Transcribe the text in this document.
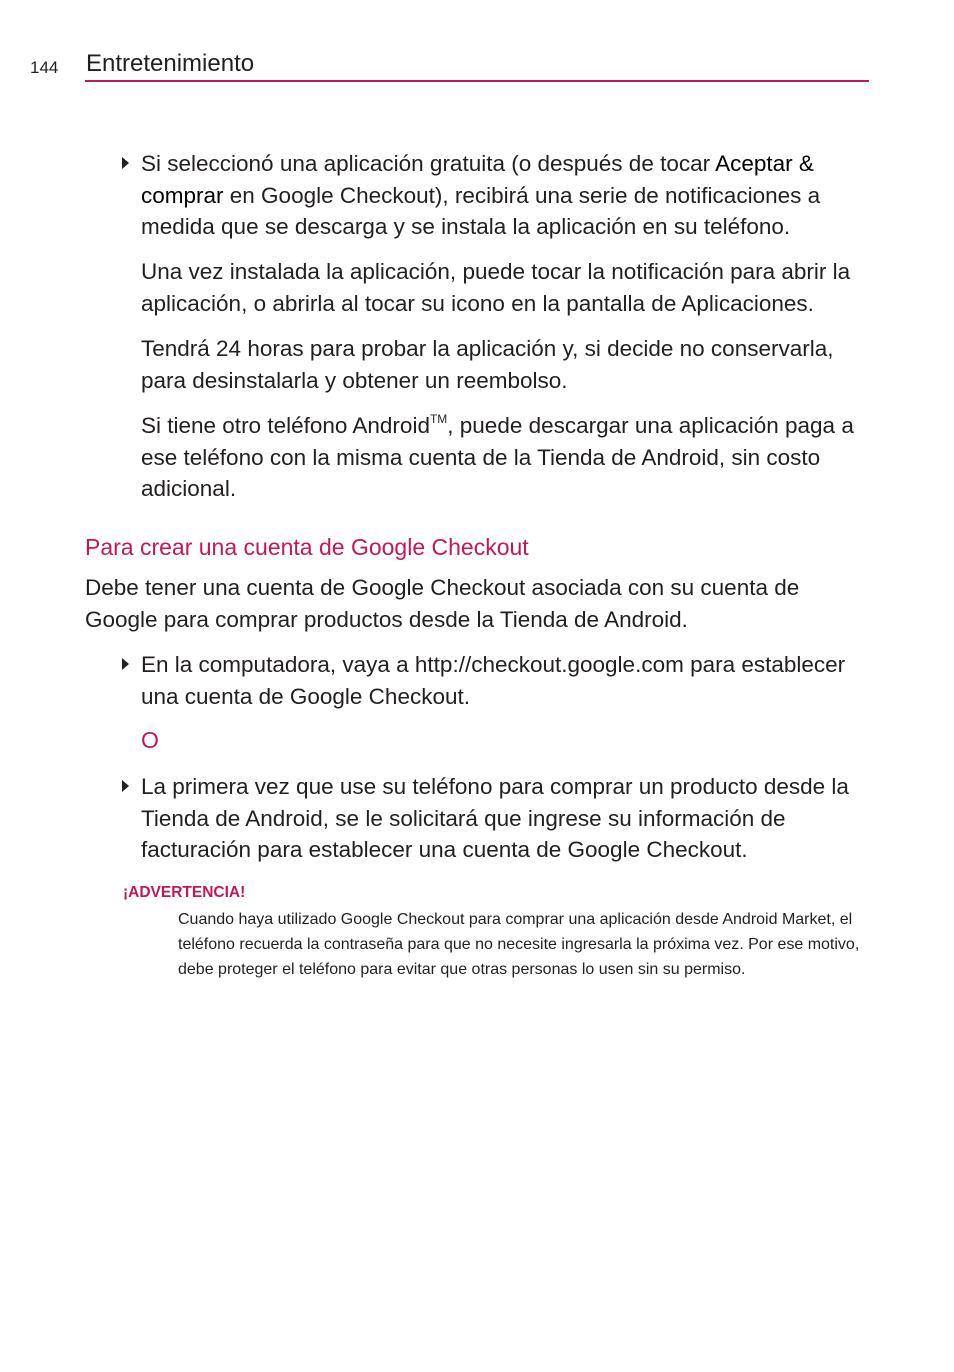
144 Entretenimiento
Si seleccionó una aplicación gratuita (o después de tocar Aceptar & comprar en Google Checkout), recibirá una serie de notificaciones a medida que se descarga y se instala la aplicación en su teléfono.
Una vez instalada la aplicación, puede tocar la notificación para abrir la aplicación, o abrirla al tocar su icono en la pantalla de Aplicaciones.
Tendrá 24 horas para probar la aplicación y, si decide no conservarla, para desinstalarla y obtener un reembolso.
Si tiene otro teléfono Android™, puede descargar una aplicación paga a ese teléfono con la misma cuenta de la Tienda de Android, sin costo adicional.
Para crear una cuenta de Google Checkout
Debe tener una cuenta de Google Checkout asociada con su cuenta de Google para comprar productos desde la Tienda de Android.
En la computadora, vaya a http://checkout.google.com para establecer una cuenta de Google Checkout.
O
La primera vez que use su teléfono para comprar un producto desde la Tienda de Android, se le solicitará que ingrese su información de facturación para establecer una cuenta de Google Checkout.
¡ADVERTENCIA!
Cuando haya utilizado Google Checkout para comprar una aplicación desde Android Market, el teléfono recuerda la contraseña para que no necesite ingresarla la próxima vez. Por ese motivo, debe proteger el teléfono para evitar que otras personas lo usen sin su permiso.
